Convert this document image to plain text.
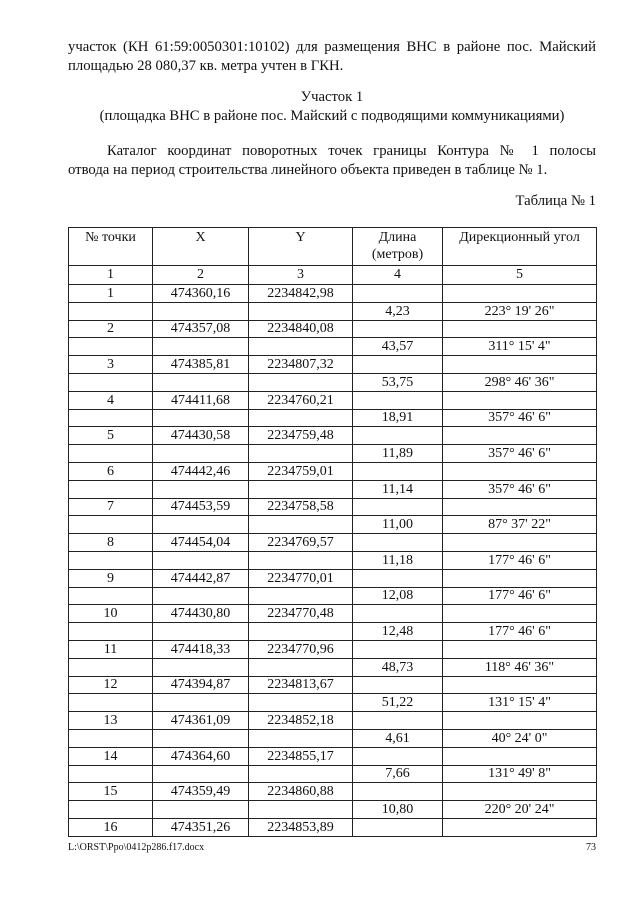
участок (КН 61:59:0050301:10102) для размещения ВНС в районе пос. Майский
площадью 28 080,37 кв. метра учтен в ГКН.
Участок 1
(площадка ВНС в районе пос. Майский с подводящими коммуникациями)
Каталог координат поворотных точек границы Контура № 1 полосы
отвода на период строительства линейного объекта приведен в таблице № 1.
Таблица № 1
№ точки	X	Y	Длина (метров)	Дирекционный угол
1	2	3	4	5
1	474360,16	2234842,98		
			4,23	223° 19' 26"
2	474357,08	2234840,08		
			43,57	311° 15' 4"
3	474385,81	2234807,32		
			53,75	298° 46' 36"
4	474411,68	2234760,21		
			18,91	357° 46' 6"
5	474430,58	2234759,48		
			11,89	357° 46' 6"
6	474442,46	2234759,01		
			11,14	357° 46' 6"
7	474453,59	2234758,58		
			11,00	87° 37' 22"
8	474454,04	2234769,57		
			11,18	177° 46' 6"
9	474442,87	2234770,01		
			12,08	177° 46' 6"
10	474430,80	2234770,48		
			12,48	177° 46' 6"
11	474418,33	2234770,96		
			48,73	118° 46' 36"
12	474394,87	2234813,67		
			51,22	131° 15' 4"
13	474361,09	2234852,18		
			4,61	40° 24' 0"
14	474364,60	2234855,17		
			7,66	131° 49' 8"
15	474359,49	2234860,88		
			10,80	220° 20' 24"
16	474351,26	2234853,89		
L:\ORST\Ppo\0412p286.f17.docx	73
